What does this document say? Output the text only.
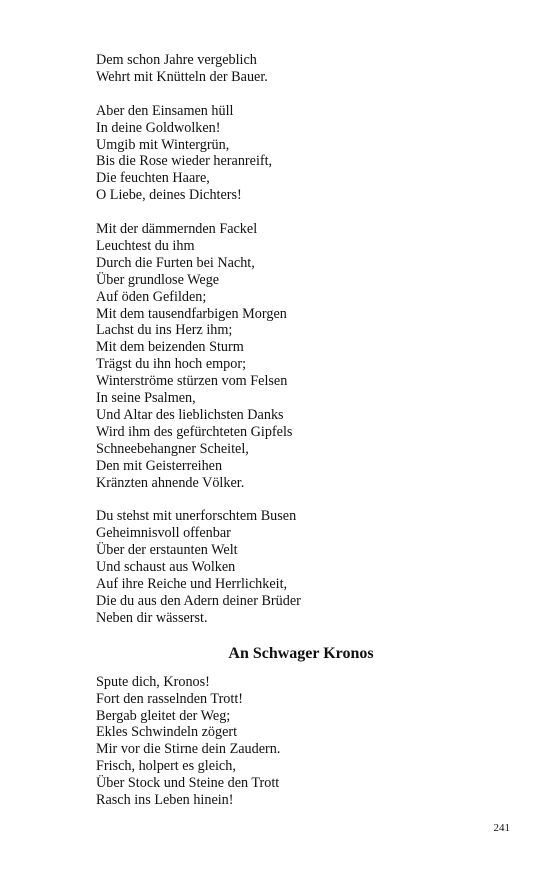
Dem schon Jahre vergeblich
Wehrt mit Knütteln der Bauer.
Aber den Einsamen hüll
In deine Goldwolken!
Umgib mit Wintergrün,
Bis die Rose wieder heranreift,
Die feuchten Haare,
O Liebe, deines Dichters!
Mit der dämmernden Fackel
Leuchtest du ihm
Durch die Furten bei Nacht,
Über grundlose Wege
Auf öden Gefilden;
Mit dem tausendfarbigen Morgen
Lachst du ins Herz ihm;
Mit dem beizenden Sturm
Trägst du ihn hoch empor;
Winterströme stürzen vom Felsen
In seine Psalmen,
Und Altar des lieblichsten Danks
Wird ihm des gefürchteten Gipfels
Schneebehangner Scheitel,
Den mit Geisterreihen
Kränzten ahnende Völker.
Du stehst mit unerforschtem Busen
Geheimnisvoll offenbar
Über der erstaunten Welt
Und schaust aus Wolken
Auf ihre Reiche und Herrlichkeit,
Die du aus den Adern deiner Brüder
Neben dir wässerst.
An Schwager Kronos
Spute dich, Kronos!
Fort den rasselnden Trott!
Bergab gleitet der Weg;
Ekles Schwindeln zögert
Mir vor die Stirne dein Zaudern.
Frisch, holpert es gleich,
Über Stock und Steine den Trott
Rasch ins Leben hinein!
241
